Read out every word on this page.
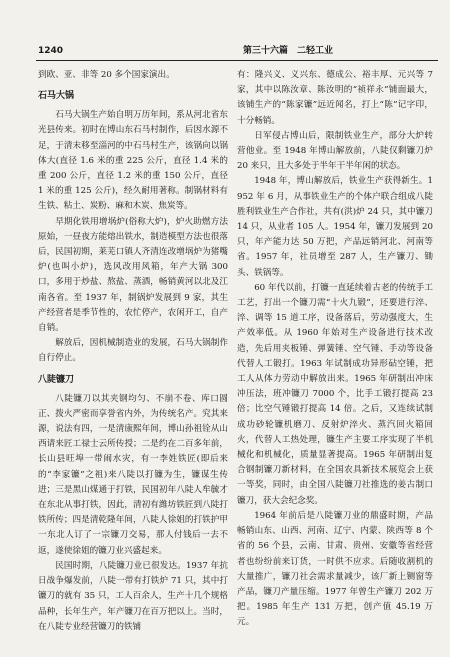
1240	第三十六篇　二轻工业

到欧、亚、非等 20 多个国家演出。

石马大锅

石马大锅生产始自明万历年间，系从河北省东光县传来。初时在博山东石马村制作，后因水源不足，于清末移至淄河的中石马村生产，该锅向以锅体大(直径 1.6 米的重 225 公斤，直径 1.4 米的重 200 公斤，直径 1.2 米的重 150 公斤，直径 1 米的重 125 公斤)，经久耐用著称。制锅材料有生铁、粘土、炭粉、麻和木炭、焦炭等。

早期化铁用增埚炉(俗称大炉)，炉火助燃方法原始，一昼夜方能熔出铁水，制造模型方法也很落后，民国初期，莱芜口镇人齐清连改增埚炉为猪嘴炉(也叫小炉)，选风改用风箱，年产大锅 300 口，多用于炒盐、熬盐、蒸酒，畅销黄河以北及江南各省。至 1937 年，制锅炉发展到 9 家，其生产经营者是季节性的，农忙停产，农闲开工，自产自销。

解放后，因机械制造业的发展，石马大锅制作自行停止。

八陡镰刀

八陡镰刀以其夹钢均匀、不崩不卷、库口圆正、拨火严密而享誉省内外，为传统名产。究其来源，说法有四，一是清康熙年间，博山孙祖铨从山西请来匠工禄士云所传授；二是约在二百多年前，长山县旺埠一带闹水灾，有一李姓铁匠(即后来的“李家镰”之祖)来八陡以打镰为生，镰谋生传进；三是黑山煤通于打铁，民国初年八陡人牟毓才在东北从事打铁，因此，清初有潍坊铁匠到八陡打铁所传；四是清乾隆年间，八陡人徐姐的打铁护甲一东北人订了一宗镰刀交易，那人付钱后一去不返，遂使徐姐的镰刀业兴盛起来。

民国时期，八陡镰刀业已很发达。1937 年抗日战争爆发前，八陡一带有打铁炉 71 只，其中打镰刀的就有 35 只，工人百余人，生产十几个规格品种，长年生产，年产镰刀在百万把以上。当时，在八陡专业经营镰刀的铁铺

有：隆兴义、义兴东、德成公、裕丰厚、元兴等 7 家，其中以陈汝章、陈汝明的“祯祥永”铺面最大，该铺生产的“陈家镰”远近闻名，打上“陈”记字印，十分畅销。

日军侵占博山后，限制铁业生产，部分大炉转营他业。至 1948 年博山解放前，八陡仅剩镰刀炉 20 来只，且大多处于半年干半年闲的状态。

1948 年，博山解放后，铁业生产获得新生。1952 年 6 月，从事铁业生产的个体户联合组成八陡胜利铁业生产合作社，共有(洪)炉 24 只，其中镰刀 14 只，从业者 105 人。1954 年，镰刀发展到 20 只，年产能力达 50 万把，产品远销河北、河南等省。1957 年，社员增至 287 人，生产镰刀、锄头、铁锅等。

60 年代以前，打镰一直延续着古老的传统手工工艺，打出一个镰刀需“十火九锻”，还要进行淬、淬、调等 15 道工序，设备落后，劳动强度大，生产效率低。从 1960 年始对生产设备进行技术改造，先后用夹板锤、弹簧锤、空气锤、手动等设备代替人工锻打。1963 年试制成功异形砧空锤，把工人从体力劳动中解放出来。1965 年研制出冲床冲压法，班冲镰刀 7000 个，比手工锻打提高 23 倍；比空气锤锻打提高 14 倍。之后，又连续试制成功砂轮镰机磨刀、反射炉淬火、蒸汽回火箱回火，代替人工热处理，镰生产主要工序实现了半机械化和机械化，质量显著提高。1965 年研制出复合钢制镰刀新材料，在全国农具新技术展览会上获一等奖，同时，由全国八陡镰刀社推选的姜古制口镰刀，获大会纪念奖。

1964 年前后是八陡镰刀业的鼎盛时期，产品畅销山东、山西、河南、辽宁、内蒙、陕西等 8 个省的 56 个县，云南、甘肃、贵州、安徽等省经营者也纷纷前来订货，一时供不应求。后随收割机的大量推广，镰刀社会需求量减少，该厂新上铡窗等产品，镰刀产量压缩。1977 年曾生产镰刀 202 万把。1985 年生产 131 万把，创产值 45.19 万元。
